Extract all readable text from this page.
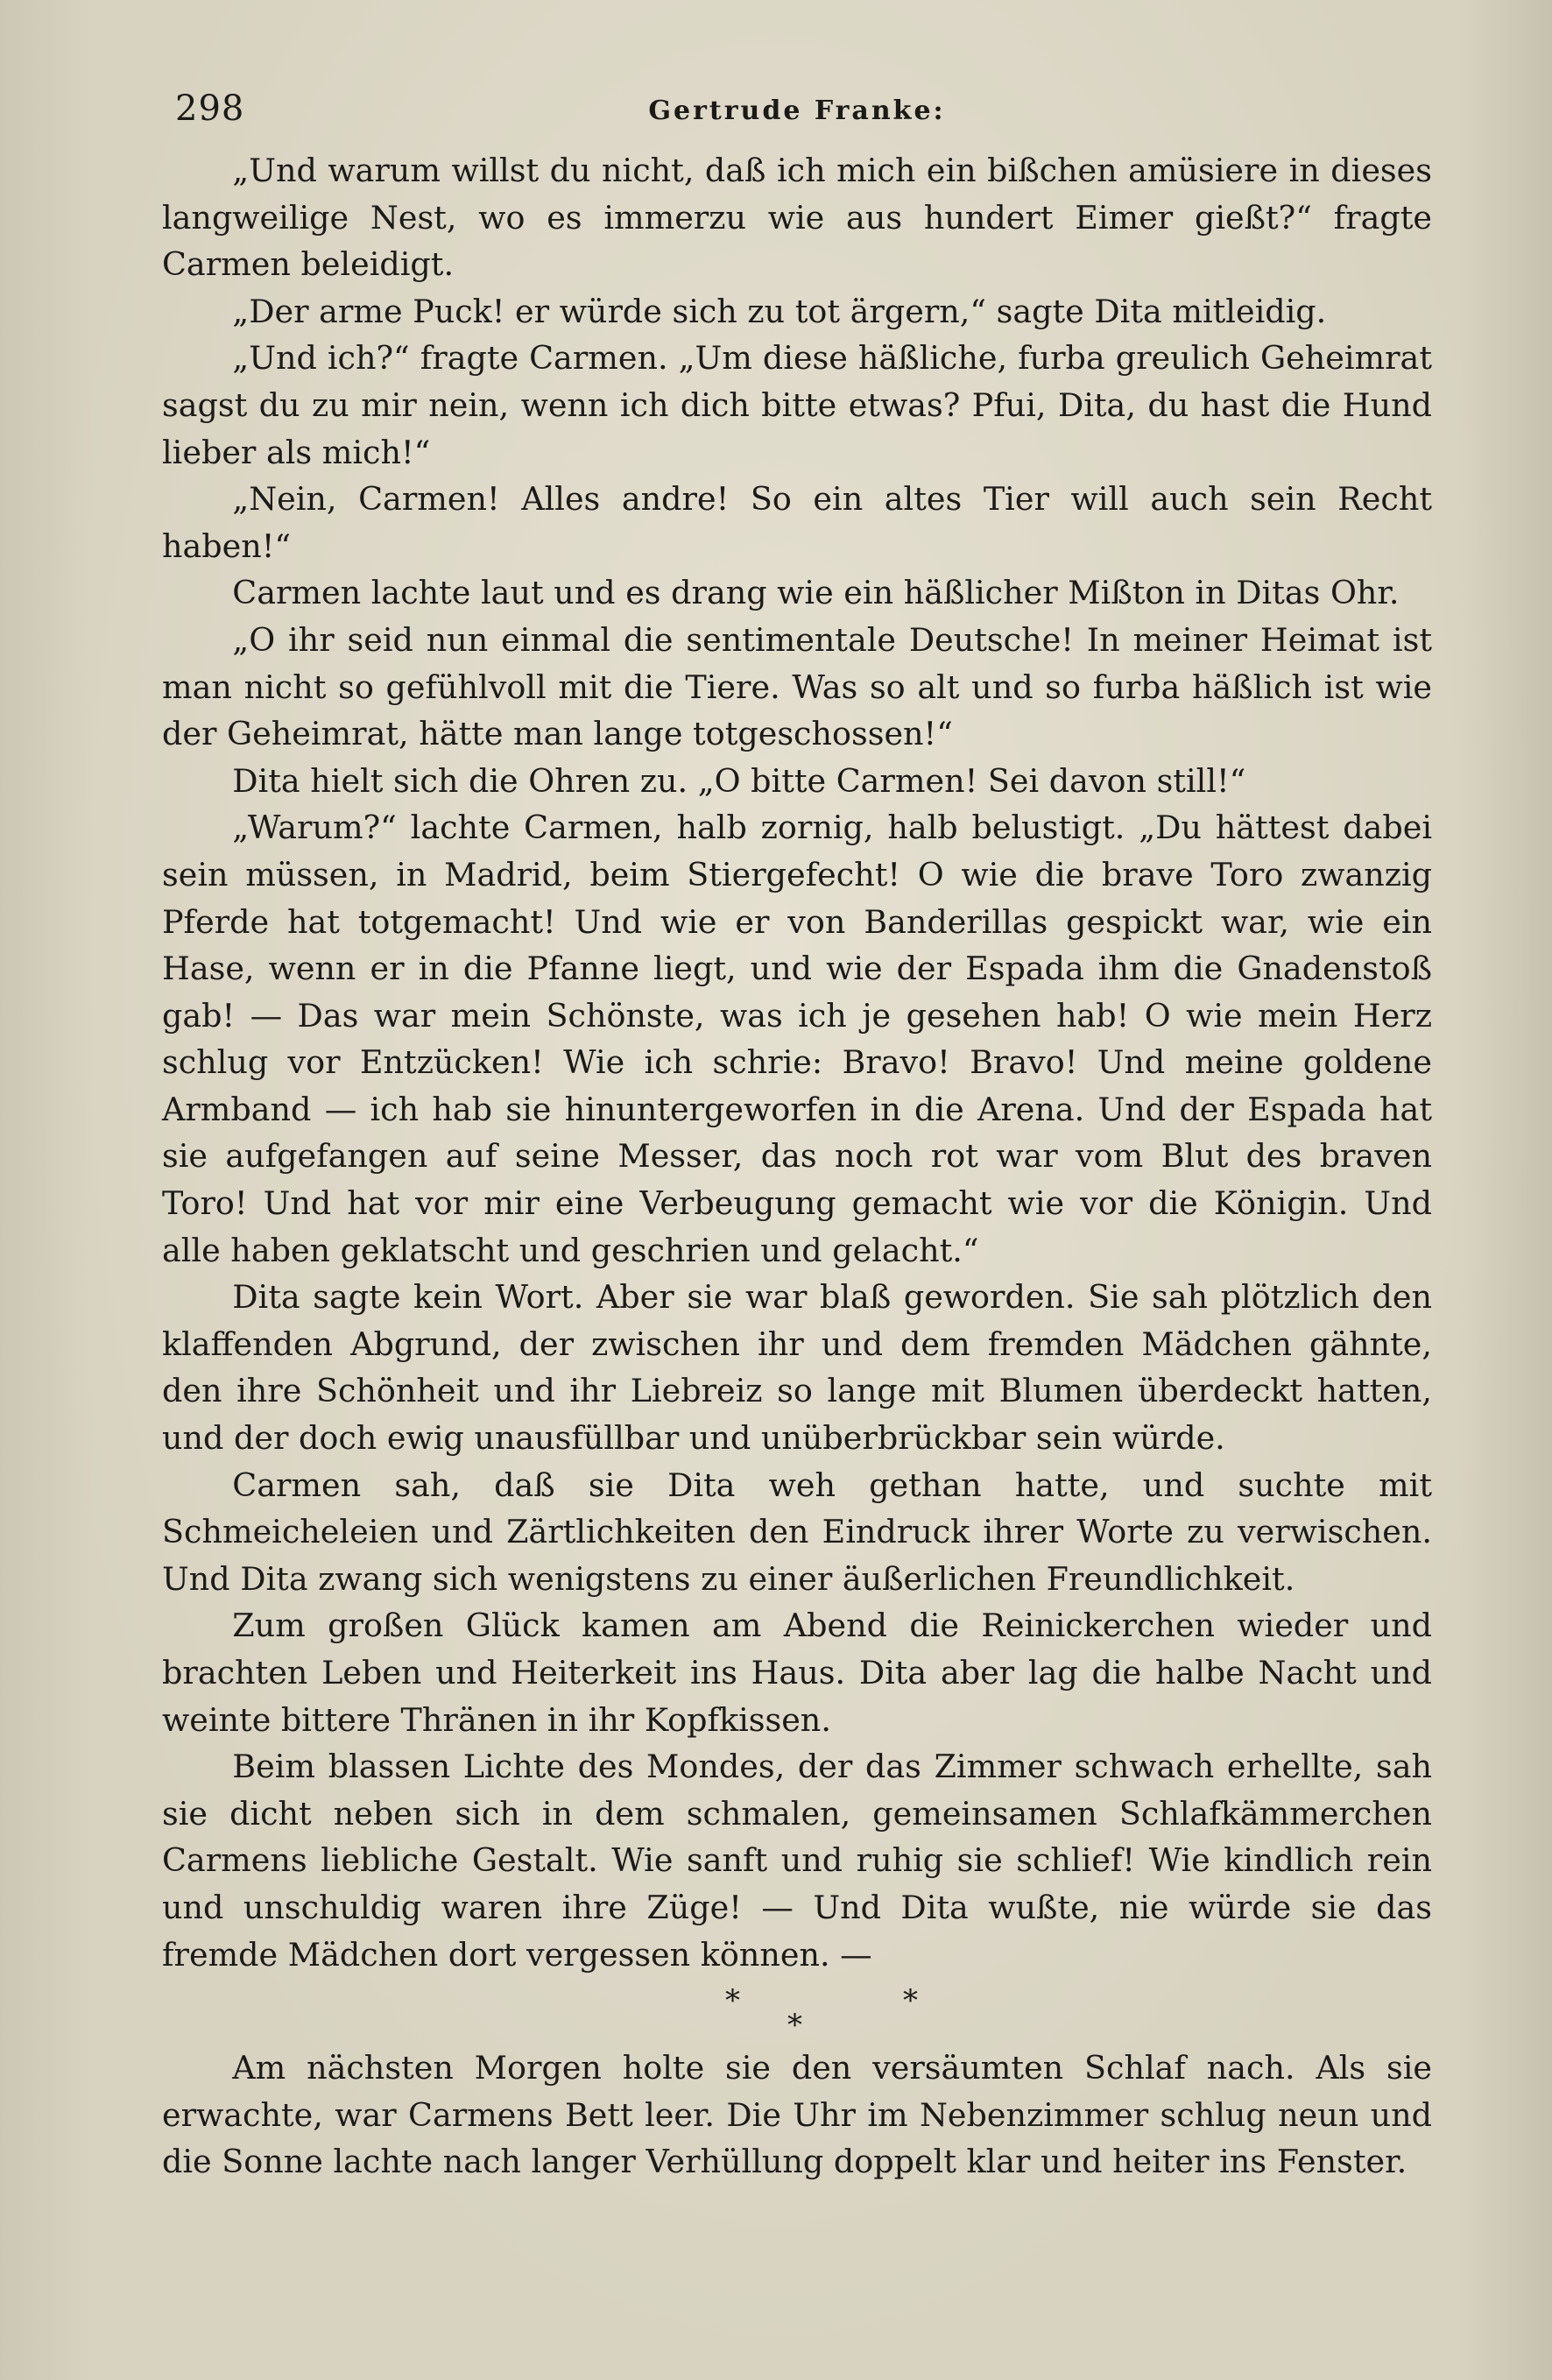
298	Gertrude Franke:

„Und warum willst du nicht, daß ich mich ein bißchen amüsiere in dieses langweilige Nest, wo es immerzu wie aus hundert Eimer gießt?“ fragte Carmen beleidigt.

„Der arme Puck! er würde sich zu tot ärgern,“ sagte Dita mitleidig.

„Und ich?“ fragte Carmen. „Um diese häßliche, furba greulich Geheimrat sagst du zu mir nein, wenn ich dich bitte etwas? Pfui, Dita, du hast die Hund lieber als mich!“

„Nein, Carmen! Alles andre! So ein altes Tier will auch sein Recht haben!“

Carmen lachte laut und es drang wie ein häßlicher Mißton in Ditas Ohr.

„O ihr seid nun einmal die sentimentale Deutsche! In meiner Heimat ist man nicht so gefühlvoll mit die Tiere. Was so alt und so furba häßlich ist wie der Geheimrat, hätte man lange totgeschossen!“

Dita hielt sich die Ohren zu. „O bitte Carmen! Sei davon still!“

„Warum?“ lachte Carmen, halb zornig, halb belustigt. „Du hättest dabei sein müssen, in Madrid, beim Stiergefecht! O wie die brave Toro zwanzig Pferde hat totgemacht! Und wie er von Banderillas gespickt war, wie ein Hase, wenn er in die Pfanne liegt, und wie der Espada ihm die Gnadenstoß gab! — Das war mein Schönste, was ich je gesehen hab! O wie mein Herz schlug vor Entzücken! Wie ich schrie: Bravo! Bravo! Und meine goldene Armband — ich hab sie hinuntergeworfen in die Arena. Und der Espada hat sie aufgefangen auf seine Messer, das noch rot war vom Blut des braven Toro! Und hat vor mir eine Verbeugung gemacht wie vor die Königin. Und alle haben geklatscht und geschrien und gelacht.“

Dita sagte kein Wort. Aber sie war blaß geworden. Sie sah plötzlich den klaffenden Abgrund, der zwischen ihr und dem fremden Mädchen gähnte, den ihre Schönheit und ihr Liebreiz so lange mit Blumen überdeckt hatten, und der doch ewig unausfüllbar und unüberbrückbar sein würde.

Carmen sah, daß sie Dita weh gethan hatte, und suchte mit Schmeicheleien und Zärtlichkeiten den Eindruck ihrer Worte zu verwischen. Und Dita zwang sich wenigstens zu einer äußerlichen Freundlichkeit.

Zum großen Glück kamen am Abend die Reinickerchen wieder und brachten Leben und Heiterkeit ins Haus. Dita aber lag die halbe Nacht und weinte bittere Thränen in ihr Kopfkissen.

Beim blassen Lichte des Mondes, der das Zimmer schwach erhellte, sah sie dicht neben sich in dem schmalen, gemeinsamen Schlafkämmerchen Carmens liebliche Gestalt. Wie sanft und ruhig sie schlief! Wie kindlich rein und unschuldig waren ihre Züge! — Und Dita wußte, nie würde sie das fremde Mädchen dort vergessen können. —

*
*
*

Am nächsten Morgen holte sie den versäumten Schlaf nach. Als sie erwachte, war Carmens Bett leer. Die Uhr im Nebenzimmer schlug neun und die Sonne lachte nach langer Verhüllung doppelt klar und heiter ins Fenster.
